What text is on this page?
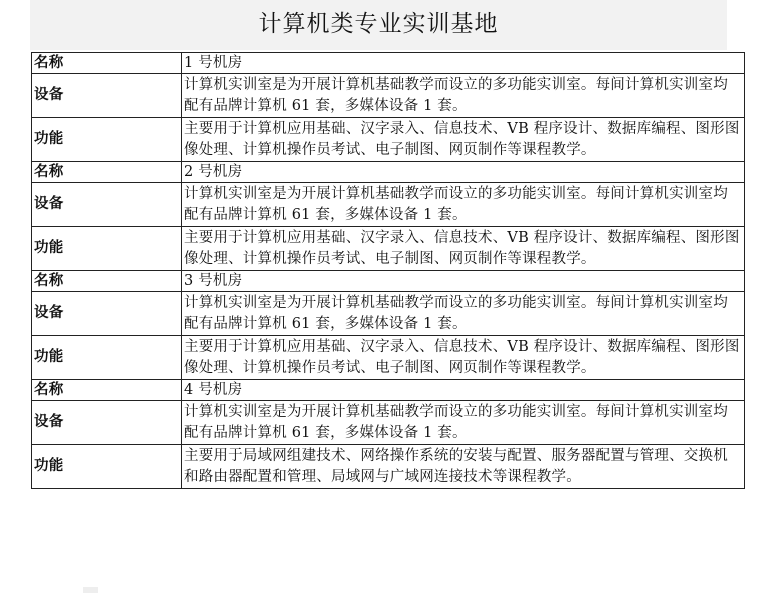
计算机类专业实训基地
名称	1 号机房
设备	计算机实训室是为开展计算机基础教学而设立的多功能实训室。每间计算机实训室均配有品牌计算机 61 套，多媒体设备 1 套。
功能	主要用于计算机应用基础、汉字录入、信息技术、VB 程序设计、数据库编程、图形图像处理、计算机操作员考试、电子制图、网页制作等课程教学。
名称	2 号机房
设备	计算机实训室是为开展计算机基础教学而设立的多功能实训室。每间计算机实训室均配有品牌计算机 61 套，多媒体设备 1 套。
功能	主要用于计算机应用基础、汉字录入、信息技术、VB 程序设计、数据库编程、图形图像处理、计算机操作员考试、电子制图、网页制作等课程教学。
名称	3 号机房
设备	计算机实训室是为开展计算机基础教学而设立的多功能实训室。每间计算机实训室均配有品牌计算机 61 套，多媒体设备 1 套。
功能	主要用于计算机应用基础、汉字录入、信息技术、VB 程序设计、数据库编程、图形图像处理、计算机操作员考试、电子制图、网页制作等课程教学。
名称	4 号机房
设备	计算机实训室是为开展计算机基础教学而设立的多功能实训室。每间计算机实训室均配有品牌计算机 61 套，多媒体设备 1 套。
功能	主要用于局域网组建技术、网络操作系统的安装与配置、服务器配置与管理、交换机和路由器配置和管理、局域网与广域网连接技术等课程教学。
